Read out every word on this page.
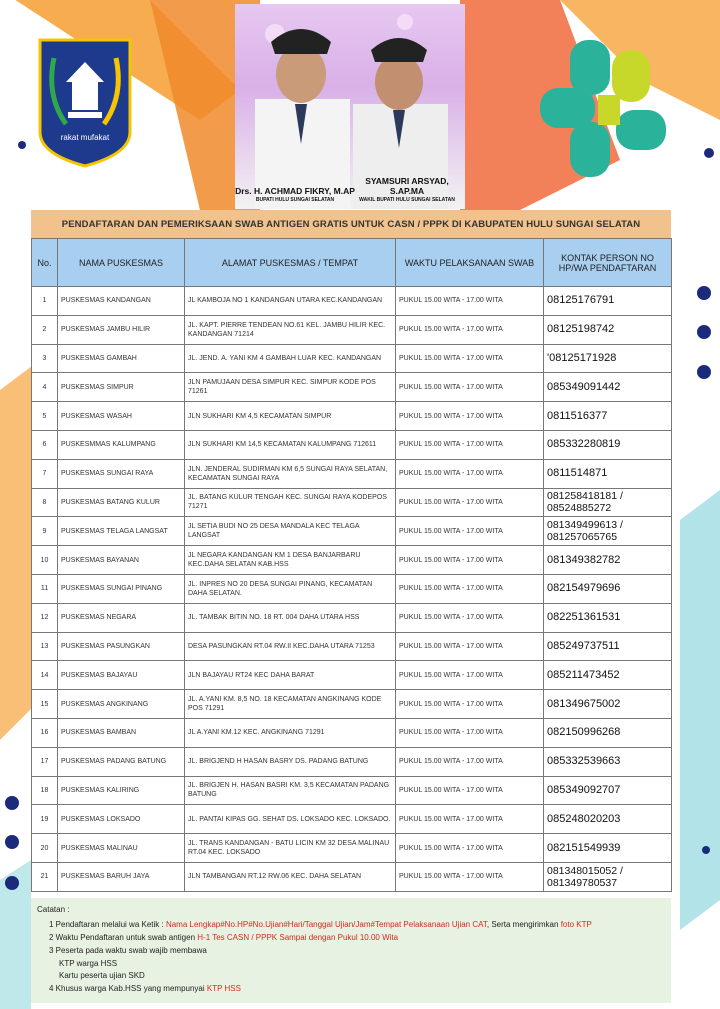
rakat mufakat
Drs. H. ACHMAD FIKRY, M.AP
BUPATI HULU SUNGAI SELATAN
SYAMSURI ARSYAD, S.AP.MA
WAKIL BUPATI HULU SUNGAI SELATAN
PENDAFTARAN DAN PEMERIKSAAN SWAB ANTIGEN GRATIS UNTUK CASN / PPPK DI KABUPATEN HULU SUNGAI SELATAN
No.	NAMA PUSKESMAS	ALAMAT PUSKESMAS / TEMPAT	WAKTU PELAKSANAAN SWAB	KONTAK PERSON NO HP/WA PENDAFTARAN
1	PUSKESMAS KANDANGAN	JL KAMBOJA NO 1 KANDANGAN UTARA KEC.KANDANGAN	PUKUL 15.00 WITA - 17.00 WITA	08125176791
2	PUSKESMAS JAMBU HILIR	JL. KAPT. PIERRE TENDEAN NO.61 KEL. JAMBU HILIR KEC. KANDANGAN 71214	PUKUL 15.00 WITA - 17.00 WITA	08125198742
3	PUSKESMAS GAMBAH	JL. JEND. A. YANI KM 4 GAMBAH LUAR KEC. KANDANGAN	PUKUL 15.00 WITA - 17.00 WITA	'08125171928
4	PUSKESMAS SIMPUR	JLN PAMUJAAN DESA SIMPUR KEC. SIMPUR KODE POS 71261	PUKUL 15.00 WITA - 17.00 WITA	085349091442
5	PUSKESMAS WASAH	JLN SUKHARI KM 4,5 KECAMATAN SIMPUR	PUKUL 15.00 WITA - 17.00 WITA	0811516377
6	PUSKESMMAS KALUMPANG	JLN SUKHARI KM 14,5 KECAMATAN KALUMPANG 712611	PUKUL 15.00 WITA - 17.00 WITA	085332280819
7	PUSKESMAS SUNGAI RAYA	JLN. JENDERAL SUDIRMAN KM 6,5 SUNGAI RAYA SELATAN, KECAMATAN SUNGAI RAYA	PUKUL 15.00 WITA - 17.00 WITA	0811514871
8	PUSKESMAS BATANG KULUR	JL. BATANG KULUR TENGAH KEC. SUNGAI RAYA KODEPOS 71271	PUKUL 15.00 WITA - 17.00 WITA	081258418181 /
08524885272
9	PUSKESMAS TELAGA LANGSAT	JL SETIA BUDI NO 25 DESA MANDALA KEC TELAGA LANGSAT	PUKUL 15.00 WITA - 17.00 WITA	081349499613 /
081257065765
10	PUSKESMAS BAYANAN	JL NEGARA KANDANGAN KM 1 DESA BANJARBARU KEC.DAHA SELATAN KAB.HSS	PUKUL 15.00 WITA - 17.00 WITA	081349382782
11	PUSKESMAS SUNGAI PINANG	JL. INPRES NO 20 DESA SUNGAI PINANG, KECAMATAN DAHA SELATAN.	PUKUL 15.00 WITA - 17.00 WITA	082154979696
12	PUSKESMAS NEGARA	JL. TAMBAK BITIN NO. 18 RT. 004 DAHA UTARA HSS	PUKUL 15.00 WITA - 17.00 WITA	082251361531
13	PUSKESMAS PASUNGKAN	DESA PASUNGKAN RT.04 RW.II KEC.DAHA UTARA 71253	PUKUL 15.00 WITA - 17.00 WITA	085249737511
14	PUSKESMAS BAJAYAU	JLN BAJAYAU RT24 KEC DAHA BARAT	PUKUL 15.00 WITA - 17.00 WITA	085211473452
15	PUSKESMAS ANGKINANG	JL. A.YANI KM. 8,5 NO. 18 KECAMATAN ANGKINANG KODE POS 71291	PUKUL 15.00 WITA - 17.00 WITA	081349675002
16	PUSKESMAS BAMBAN	JL A.YANI KM.12 KEC. ANGKINANG 71291	PUKUL 15.00 WITA - 17.00 WITA	082150996268
17	PUSKESMAS PADANG BATUNG	JL. BRIGJEND H HASAN BASRY DS. PADANG BATUNG	PUKUL 15.00 WITA - 17.00 WITA	085332539663
18	PUSKESMAS KALIRING	JL. BRIGJEN H. HASAN BASRI KM. 3,5 KECAMATAN PADANG BATUNG	PUKUL 15.00 WITA - 17.00 WITA	085349092707
19	PUSKESMAS LOKSADO	JL. PANTAI KIPAS GG. SEHAT DS. LOKSADO KEC. LOKSADO.	PUKUL 15.00 WITA - 17.00 WITA	085248020203
20	PUSKESMAS MALINAU	JL. TRANS KANDANGAN - BATU LICIN KM 32 DESA MALINAU RT.04 KEC. LOKSADO	PUKUL 15.00 WITA - 17.00 WITA	082151549939
21	PUSKESMAS BARUH JAYA	JLN TAMBANGAN RT.12 RW.06 KEC. DAHA SELATAN	PUKUL 15.00 WITA - 17.00 WITA	081348015052 /
081349780537
Catatan :
1 Pendaftaran melalui wa Ketik : Nama Lengkap#No.HP#No.Ujian#Hari/Tanggal Ujian/Jam#Tempat Pelaksanaan Ujian CAT, Serta mengirimkan foto KTP
2 Waktu Pendaftaran untuk swab antigen H-1 Tes CASN / PPPK Sampai dengan Pukul 10.00 Wita
3 Peserta pada waktu swab wajib membawa
KTP warga HSS
Kartu peserta ujian SKD
4 Khusus warga Kab.HSS yang mempunyai KTP HSS
